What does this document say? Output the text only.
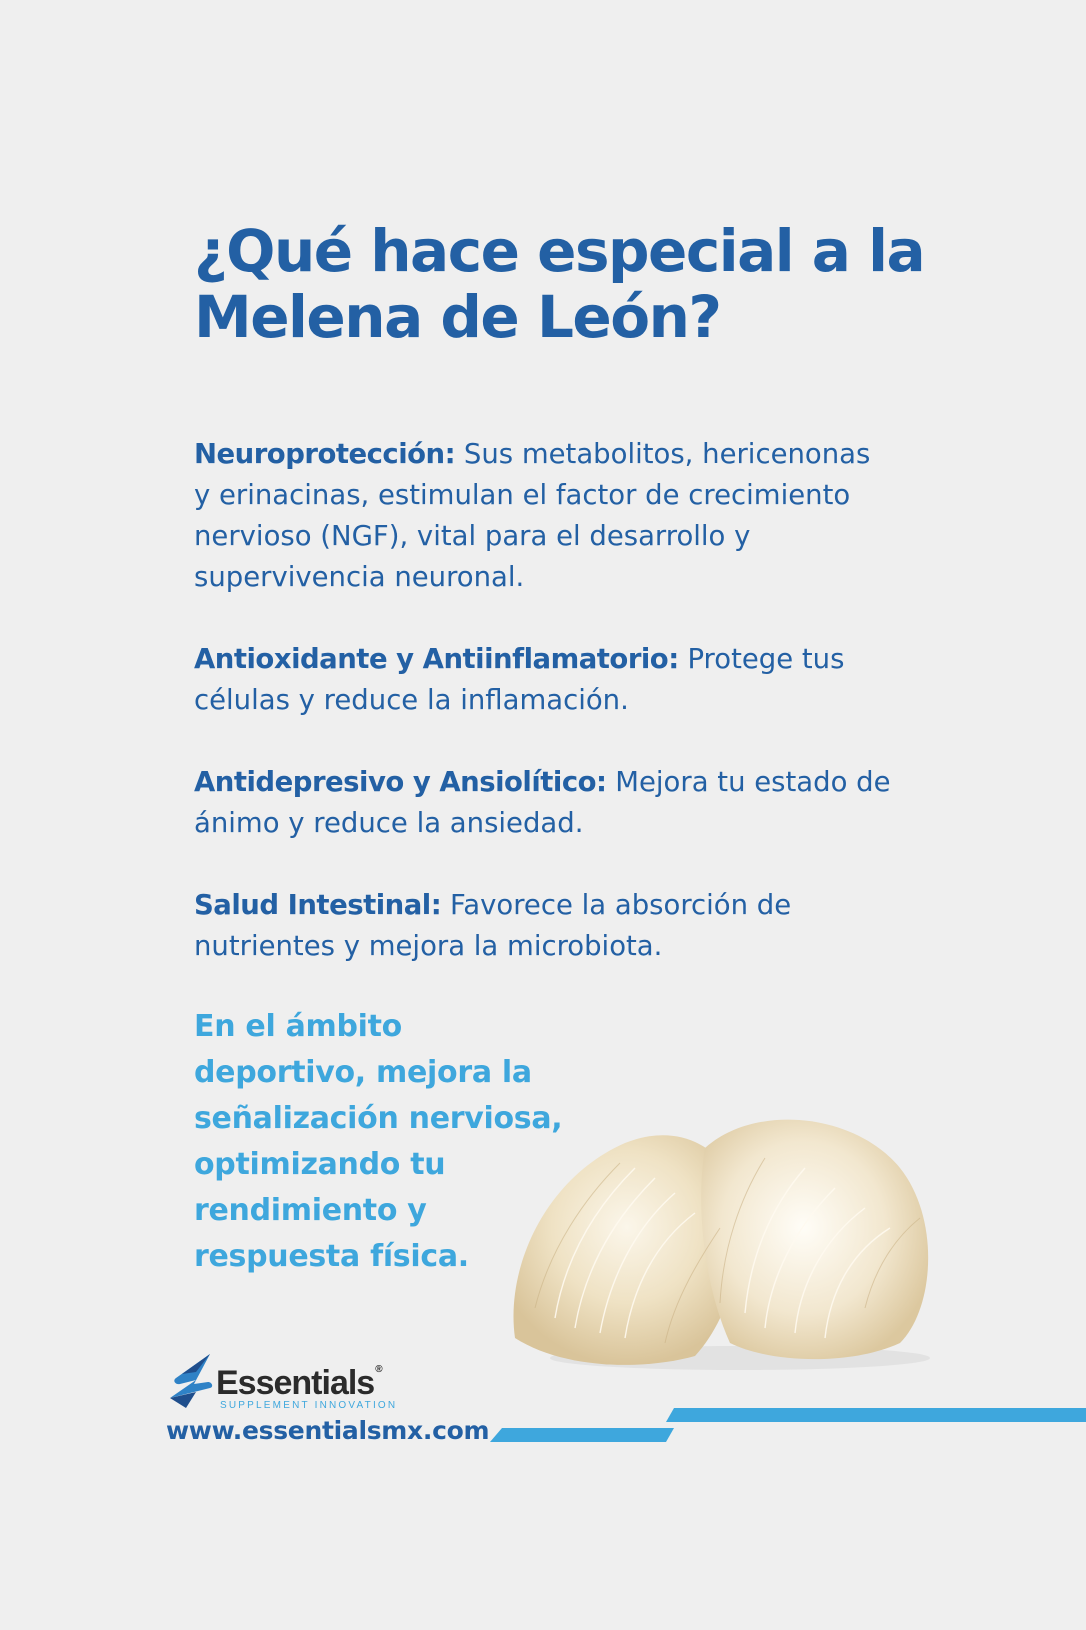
¿Qué hace especial a la Melena de León?

Neuroprotección: Sus metabolitos, hericenonas y erinacinas, estimulan el factor de crecimiento nervioso (NGF), vital para el desarrollo y supervivencia neuronal.

Antioxidante y Antiinflamatorio: Protege tus células y reduce la inflamación.

Antidepresivo y Ansiolítico: Mejora tu estado de ánimo y reduce la ansiedad.

Salud Intestinal: Favorece la absorción de nutrientes y mejora la microbiota.

En el ámbito
deportivo, mejora la
señalización nerviosa,
optimizando tu
rendimiento y
respuesta física.

Essentials®
SUPPLEMENT INNOVATION
www.essentialsmx.com
